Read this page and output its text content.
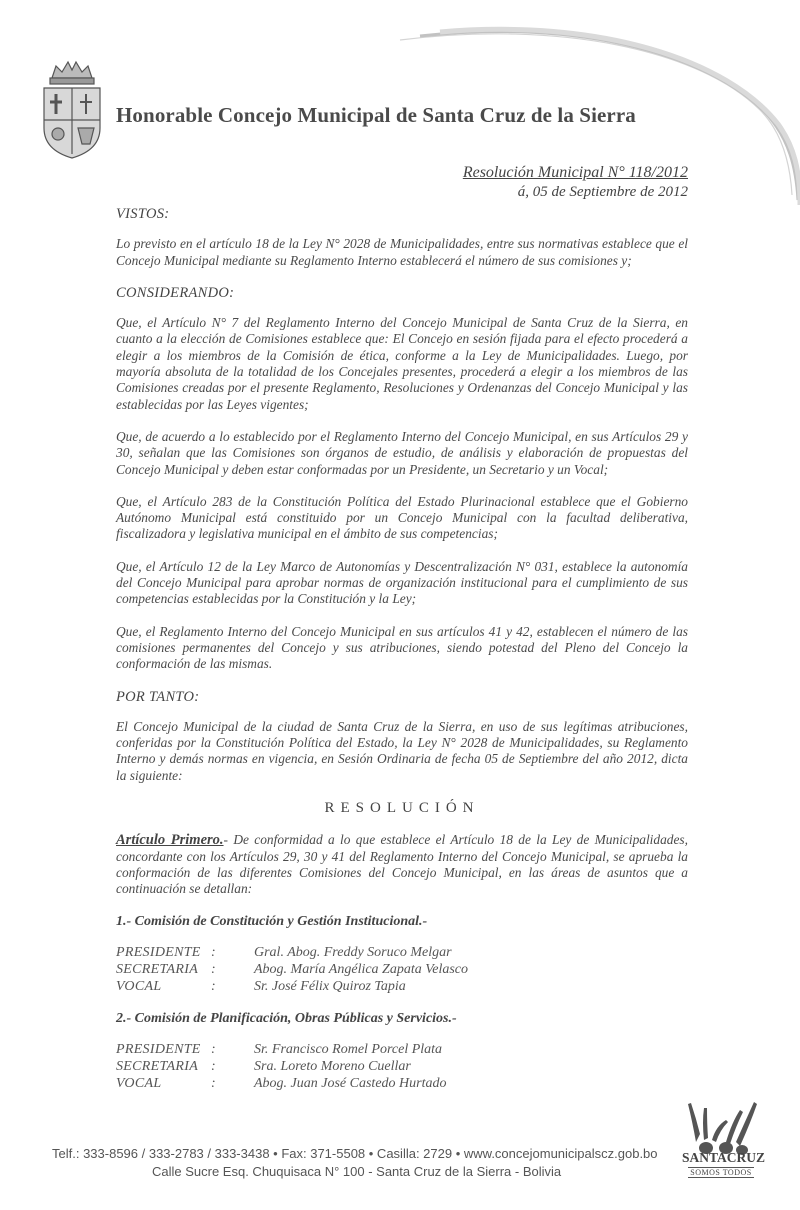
Honorable Concejo Municipal de Santa Cruz de la Sierra
Resolución Municipal N° 118/2012
á, 05 de Septiembre de 2012
VISTOS:

Lo previsto en el artículo 18 de la Ley N° 2028 de Municipalidades, entre sus normativas establece que el Concejo Municipal mediante su Reglamento Interno establecerá el número de sus comisiones y;

CONSIDERANDO:

Que, el Artículo N° 7 del Reglamento Interno del Concejo Municipal de Santa Cruz de la Sierra, en cuanto a la elección de Comisiones establece que: El Concejo en sesión fijada para el efecto procederá a elegir a los miembros de la Comisión de ética, conforme a la Ley de Municipalidades. Luego, por mayoría absoluta de la totalidad de los Concejales presentes, procederá a elegir a los miembros de las Comisiones creadas por el presente Reglamento, Resoluciones y Ordenanzas del Concejo Municipal y las establecidas por las Leyes vigentes;

Que, de acuerdo a lo establecido por el Reglamento Interno del Concejo Municipal, en sus Artículos 29 y 30, señalan que las Comisiones son órganos de estudio, de análisis y elaboración de propuestas del Concejo Municipal y deben estar conformadas por un Presidente, un Secretario y un Vocal;

Que, el Artículo 283 de la Constitución Política del Estado Plurinacional establece que el Gobierno Autónomo Municipal está constituido por un Concejo Municipal con la facultad deliberativa, fiscalizadora y legislativa municipal en el ámbito de sus competencias;

Que, el Artículo 12 de la Ley Marco de Autonomías y Descentralización N° 031, establece la autonomía del Concejo Municipal para aprobar normas de organización institucional para el cumplimiento de sus competencias establecidas por la Constitución y la Ley;

Que, el Reglamento Interno del Concejo Municipal en sus artículos 41 y 42, establecen el número de las comisiones permanentes del Concejo y sus atribuciones, siendo potestad del Pleno del Concejo la conformación de las mismas.

POR TANTO:

El Concejo Municipal de la ciudad de Santa Cruz de la Sierra, en uso de sus legítimas atribuciones, conferidas por la Constitución Política del Estado, la Ley N° 2028 de Municipalidades, su Reglamento Interno y demás normas en vigencia, en Sesión Ordinaria de fecha 05 de Septiembre del año 2012, dicta la siguiente:

RESOLUCIÓN

Artículo Primero.- De conformidad a lo que establece el Artículo 18 de la Ley de Municipalidades, concordante con los Artículos 29, 30 y 41 del Reglamento Interno del Concejo Municipal, se aprueba la conformación de las diferentes Comisiones del Concejo Municipal, en las áreas de asuntos que a continuación se detallan:

1.- Comisión de Constitución y Gestión Institucional.-
PRESIDENTE :	Gral. Abog. Freddy Soruco Melgar
SECRETARIA :	Abog. María Angélica Zapata Velasco
VOCAL	:	Sr. José Félix Quiroz Tapia
2.- Comisión de Planificación, Obras Públicas y Servicios.-
PRESIDENTE :	Sr. Francisco Romel Porcel Plata
SECRETARIA :	Sra. Loreto Moreno Cuellar
VOCAL	:	Abog. Juan José Castedo Hurtado
SANTACRUZ
SOMOS TODOS
Telf.: 333-8596 / 333-2783 / 333-3438 • Fax: 371-5508 • Casilla: 2729 • www.concejomunicipalscz.gob.bo
Calle Sucre Esq. Chuquisaca N° 100 - Santa Cruz de la Sierra - Bolivia
